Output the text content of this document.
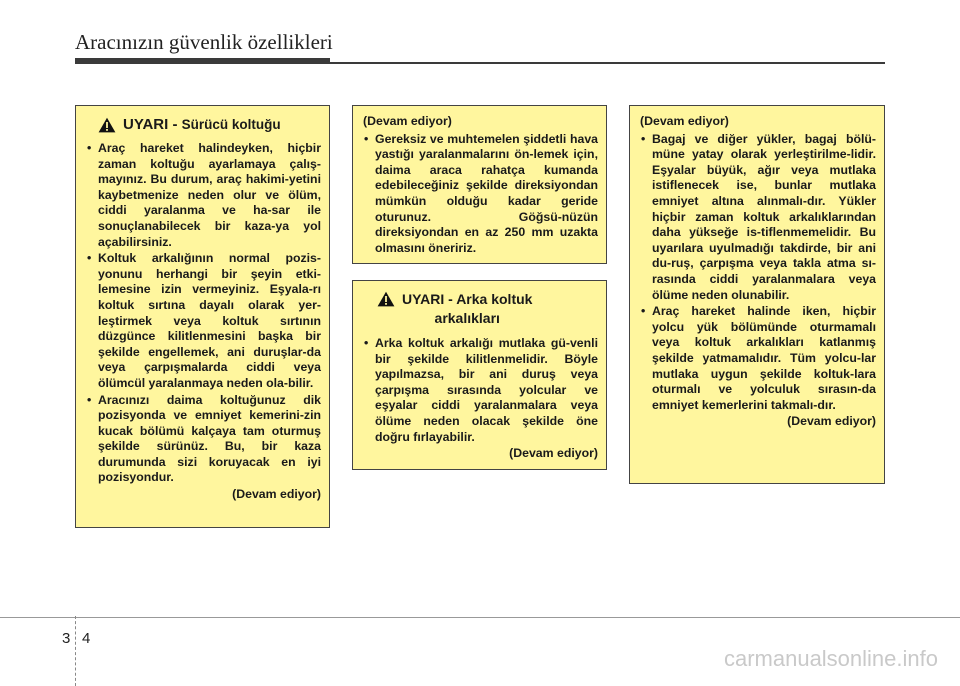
Aracınızın güvenlik özellikleri
UYARI - Sürücü koltuğu
• Araç hareket halindeyken, hiçbir zaman koltuğu ayarlamaya çalış-mayınız. Bu durum, araç hakimi-yetini kaybetmenize neden olur ve ölüm, ciddi yaralanma ve ha-sar ile sonuçlanabilecek bir kaza-ya yol açabilirsiniz.
• Koltuk arkalığının normal pozis-yonunu herhangi bir şeyin etki-lemesine izin vermeyiniz. Eşyala-rı koltuk sırtına dayalı olarak yer-leştirmek veya koltuk sırtının düzgünce kilitlenmesini başka bir şekilde engellemek, ani duruşlar-da veya çarpışmalarda ciddi veya ölümcül yaralanmaya neden ola-bilir.
• Aracınızı daima koltuğunuz dik pozisyonda ve emniyet kemerini-zin kucak bölümü kalçaya tam oturmuş şekilde sürünüz. Bu, bir kaza durumunda sizi koruyacak en iyi pozisyondur.
(Devam ediyor)
(Devam ediyor)
• Gereksiz ve muhtemelen şiddetli hava yastığı yaralanmalarını ön-lemek için, daima araca rahatça kumanda edebileceğiniz şekilde direksiyondan mümkün olduğu kadar geride oturunuz. Göğsü-nüzün direksiyondan en az 250 mm uzakta olmasını öneririz.
UYARI - Arka koltuk
arkalıkları
• Arka koltuk arkalığı mutlaka gü-venli bir şekilde kilitlenmelidir. Böyle yapılmazsa, bir ani duruş veya çarpışma sırasında yolcular ve eşyalar ciddi yaralanmalara veya ölüme neden olacak şekilde öne doğru fırlayabilir.
(Devam ediyor)
(Devam ediyor)
• Bagaj ve diğer yükler, bagaj bölü-müne yatay olarak yerleştirilme-lidir. Eşyalar büyük, ağır veya mutlaka istiflenecek ise, bunlar mutlaka emniyet altına alınmalı-dır. Yükler hiçbir zaman koltuk arkalıklarından daha yükseğe is-tiflenmemelidir. Bu uyarılara uyulmadığı takdirde, bir ani du-ruş, çarpışma veya takla atma sı-rasında ciddi yaralanmalara veya ölüme neden olunabilir.
• Araç hareket halinde iken, hiçbir yolcu yük bölümünde oturmamalı veya koltuk arkalıkları katlanmış şekilde yatmamalıdır. Tüm yolcu-lar mutlaka uygun şekilde koltuk-lara oturmalı ve yolculuk sırasın-da emniyet kemerlerini takmalı-dır.
(Devam ediyor)
3 4
carmanualsonline.info
